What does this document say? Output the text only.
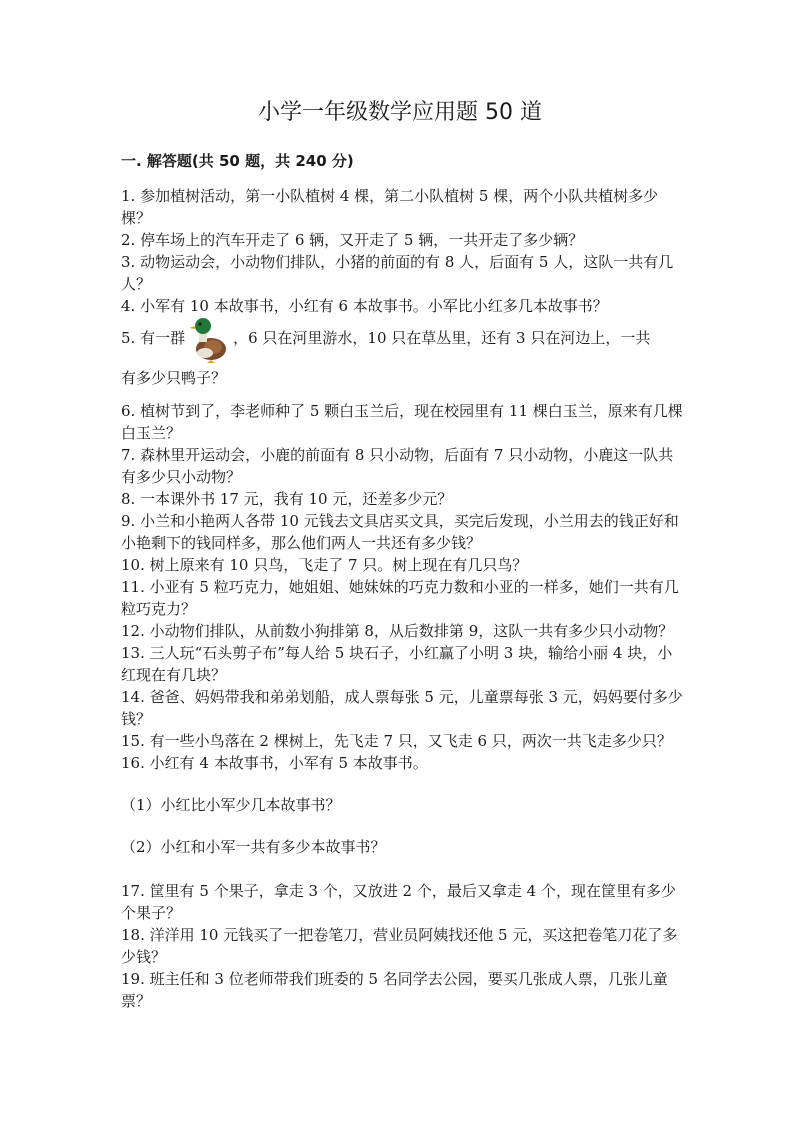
小学一年级数学应用题 50 道
一. 解答题(共 50 题，共 240 分)

1. 参加植树活动，第一小队植树 4 棵，第二小队植树 5 棵，两个小队共植树多少棵？

2. 停车场上的汽车开走了 6 辆，又开走了 5 辆，一共开走了多少辆？

3. 动物运动会，小动物们排队，小猪的前面的有 8 人，后面有 5 人，这队一共有几人？

4. 小军有 10 本故事书，小红有 6 本故事书。小军比小红多几本故事书？

5. 有一群	，6 只在河里游水，10 只在草丛里，还有 3 只在河边上，一共

有多少只鸭子？

6. 植树节到了，李老师种了 5 颗白玉兰后，现在校园里有 11 棵白玉兰，原来有几棵白玉兰？

7. 森林里开运动会，小鹿的前面有 8 只小动物，后面有 7 只小动物，小鹿这一队共有多少只小动物？

8. 一本课外书 17 元，我有 10 元，还差多少元？

9. 小兰和小艳两人各带 10 元钱去文具店买文具，买完后发现，小兰用去的钱正好和小艳剩下的钱同样多，那么他们两人一共还有多少钱？

10. 树上原来有 10 只鸟，飞走了 7 只。树上现在有几只鸟？

11. 小亚有 5 粒巧克力，她姐姐、她妹妹的巧克力数和小亚的一样多，她们一共有几粒巧克力？

12. 小动物们排队，从前数小狗排第 8，从后数排第 9，这队一共有多少只小动物？

13. 三人玩“石头剪子布”每人给 5 块石子，小红赢了小明 3 块，输给小丽 4 块，小红现在有几块？

14. 爸爸、妈妈带我和弟弟划船，成人票每张 5 元，儿童票每张 3 元，妈妈要付多少钱？

15. 有一些小鸟落在 2 棵树上，先飞走 7 只，又飞走 6 只，两次一共飞走多少只？

16. 小红有 4 本故事书，小军有 5 本故事书。

（1）小红比小军少几本故事书？

（2）小红和小军一共有多少本故事书？

17. 筐里有 5 个果子，拿走 3 个，又放进 2 个，最后又拿走 4 个，现在筐里有多少个果子？

18. 洋洋用 10 元钱买了一把卷笔刀，营业员阿姨找还他 5 元，买这把卷笔刀花了多少钱？

19. 班主任和 3 位老师带我们班委的 5 名同学去公园，要买几张成人票，几张儿童票？
